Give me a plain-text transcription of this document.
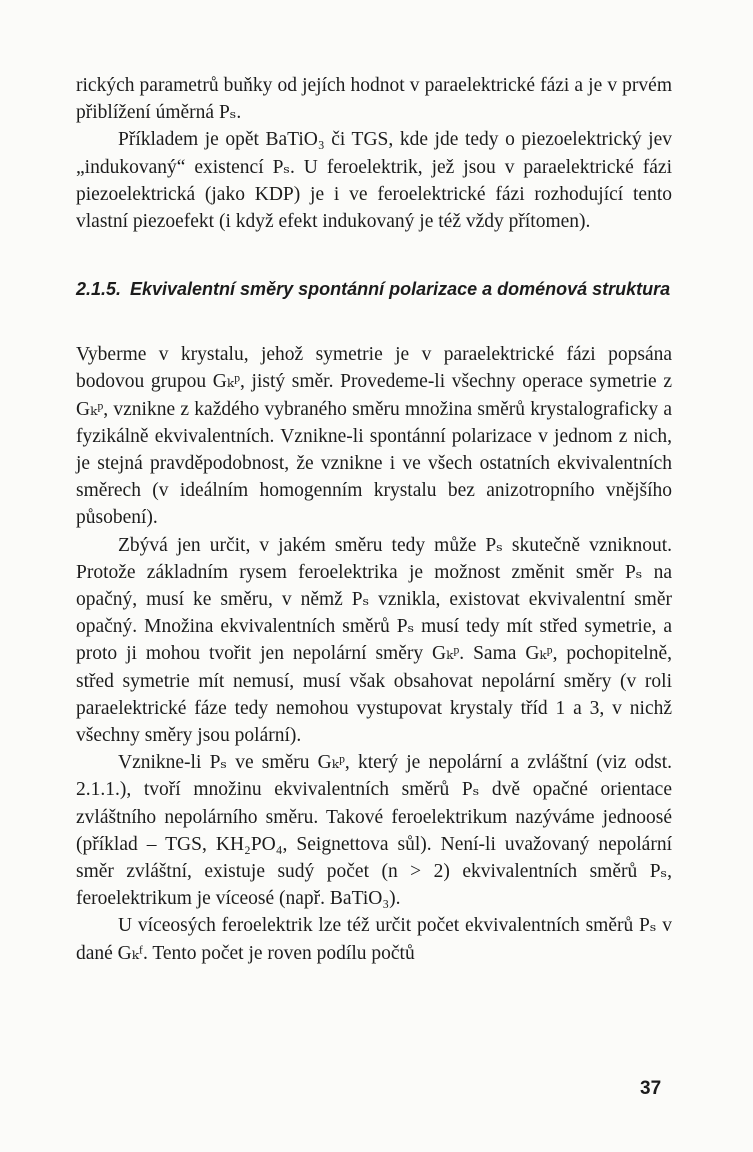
rických parametrů buňky od jejích hodnot v paraelektrické fázi a je v prvém přiblížení úměrná Pₛ.

Příkladem je opět BaTiO₃ či TGS, kde jde tedy o piezoelektrický jev „indukovaný“ existencí Pₛ. U feroelektrik, jež jsou v paraelektrické fázi piezoelektrická (jako KDP) je i ve feroelektrické fázi rozhodující tento vlastní piezoefekt (i když efekt indukovaný je též vždy přítomen).

2.1.5. Ekvivalentní směry spontánní polarizace a doménová struktura

Vyberme v krystalu, jehož symetrie je v paraelektrické fázi popsána bodovou grupou Gₖᵖ, jistý směr. Provedeme-li všechny operace symetrie z Gₖᵖ, vznikne z každého vybraného směru množina směrů krystalograficky a fyzikálně ekvivalentních. Vznikne-li spontánní polarizace v jednom z nich, je stejná pravděpodobnost, že vznikne i ve všech ostatních ekvivalentních směrech (v ideálním homogenním krystalu bez anizotropního vnějšího působení).

Zbývá jen určit, v jakém směru tedy může Pₛ skutečně vzniknout. Protože základním rysem feroelektrika je možnost změnit směr Pₛ na opačný, musí ke směru, v němž Pₛ vznikla, existovat ekvivalentní směr opačný. Množina ekvivalentních směrů Pₛ musí tedy mít střed symetrie, a proto ji mohou tvořit jen nepolární směry Gₖᵖ. Sama Gₖᵖ, pochopitelně, střed symetrie mít nemusí, musí však obsahovat nepolární směry (v roli paraelektrické fáze tedy nemohou vystupovat krystaly tříd 1 a 3, v nichž všechny směry jsou polární).

Vznikne-li Pₛ ve směru Gₖᵖ, který je nepolární a zvláštní (viz odst. 2.1.1.), tvoří množinu ekvivalentních směrů Pₛ dvě opačné orientace zvláštního nepolárního směru. Takové feroelektrikum nazýváme jednoosé (příklad – TGS, KH₂PO₄, Seignettova sůl). Není-li uvažovaný nepolární směr zvláštní, existuje sudý počet (n > 2) ekvivalentních směrů Pₛ, feroelektrikum je víceosé (např. BaTiO₃).

U víceosých feroelektrik lze též určit počet ekvivalentních směrů Pₛ v dané Gₖᶠ. Tento počet je roven podílu počtů

37
